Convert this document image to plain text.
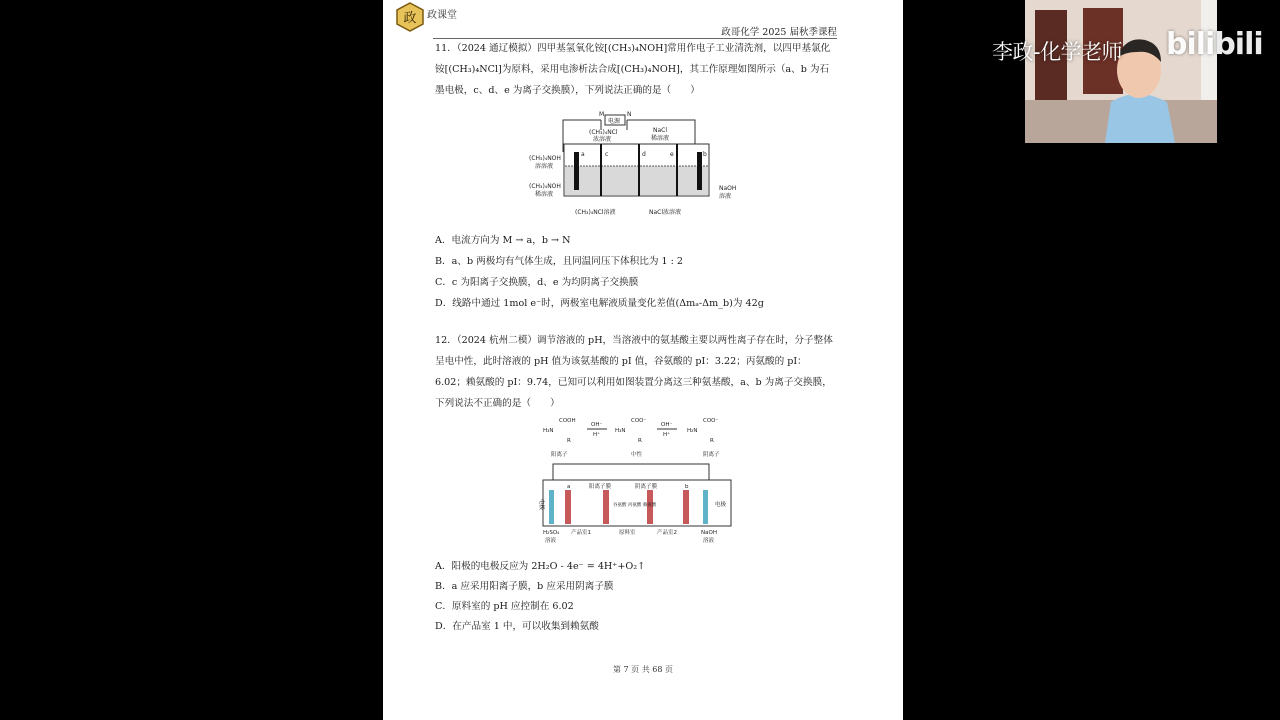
政 政课堂
政哥化学 2025 届秋季课程
11．（2024 通辽模拟）四甲基氢氧化铵[(CH₃)₄NOH]常用作电子工业清洗剂，以四甲基氯化铵[(CH₃)₄NCl]为原料，采用电渗析法合成[(CH₃)₄NOH]，其工作原理如图所示（a、b 为石墨电极，c、d、e 为离子交换膜），下列说法正确的是（　　）
电源
M	N
(CH₃)₄NCl
浓溶液
NaCl
稀溶液
a	c	d	e	b
(CH₃)₄NOH
溶溶液
(CH₃)₄NOH
稀溶液
NaOH
溶液
(CH₃)₄NCl溶液	NaCl浓溶液
A．电流方向为 M → a，b → N
B．a、b 两极均有气体生成，且同温同压下体积比为 1 : 2
C．c 为阳离子交换膜，d、e 为均阴离子交换膜
D．线路中通过 1mol e⁻时，两极室电解液质量变化差值(Δmₐ-Δm_b)为 42g
12．（2024 杭州二模）调节溶液的 pH，当溶液中的氨基酸主要以两性离子存在时，分子整体呈电中性，此时溶液的 pH 值为该氨基酸的 pI 值，谷氨酸的 pI：3.22；丙氨酸的 pI：6.02；赖氨酸的 pI：9.74，已知可以利用如图装置分离这三种氨基酸，a、b 为离子交换膜，下列说法不正确的是（　　）
COOH
H₃N
R
OH⁻
H⁺
COO⁻
H₃N
R
OH⁻
H⁺
COO⁻
H₂N
R
阳离子	中性	阴离子
电极	电极
a	b
阳离子膜	阴离子膜
谷氨酸 丙氨酸 赖氨酸
H₂SO₄
溶液
产品室1	原料室	产品室2	NaOH
溶液
A．阳极的电极反应为 2H₂O - 4e⁻ = 4H⁺+O₂↑
B．a 应采用阳离子膜，b 应采用阴离子膜
C．原料室的 pH 应控制在 6.02
D．在产品室 1 中，可以收集到赖氨酸
第 7 页 共 68 页
李政-化学老师 bilibili
